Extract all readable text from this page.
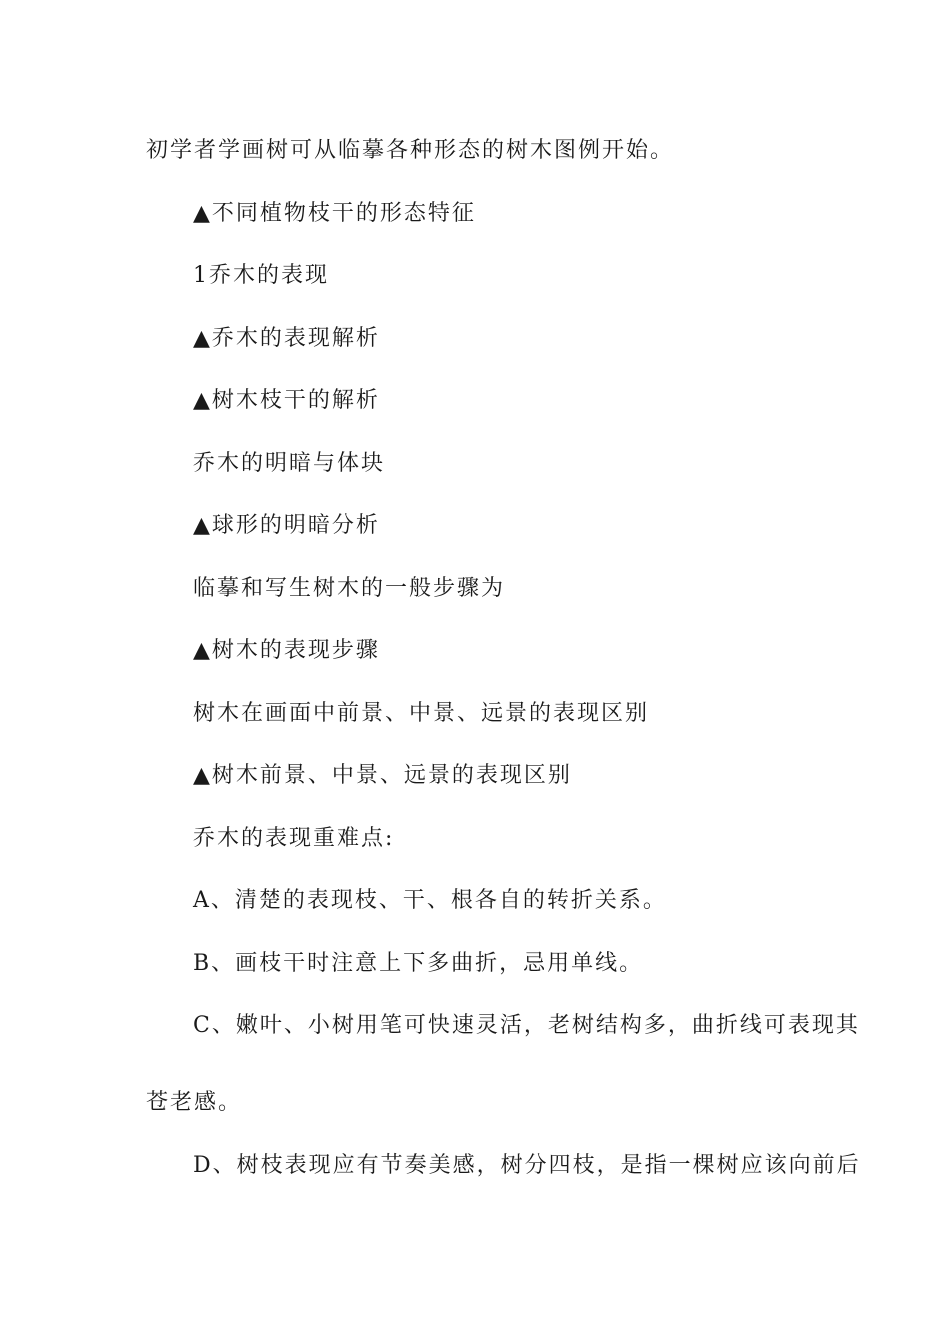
初学者学画树可从临摹各种形态的树木图例开始。
▲不同植物枝干的形态特征
1乔木的表现
▲乔木的表现解析
▲树木枝干的解析
乔木的明暗与体块
▲球形的明暗分析
临摹和写生树木的一般步骤为
▲树木的表现步骤
树木在画面中前景、中景、远景的表现区别
▲树木前景、中景、远景的表现区别
乔木的表现重难点:
A、清楚的表现枝、干、根各自的转折关系。
B、画枝干时注意上下多曲折，忌用单线。
C、嫩叶、小树用笔可快速灵活，老树结构多，曲折线可表现其
苍老感。
D、树枝表现应有节奏美感，树分四枝，是指一棵树应该向前后
